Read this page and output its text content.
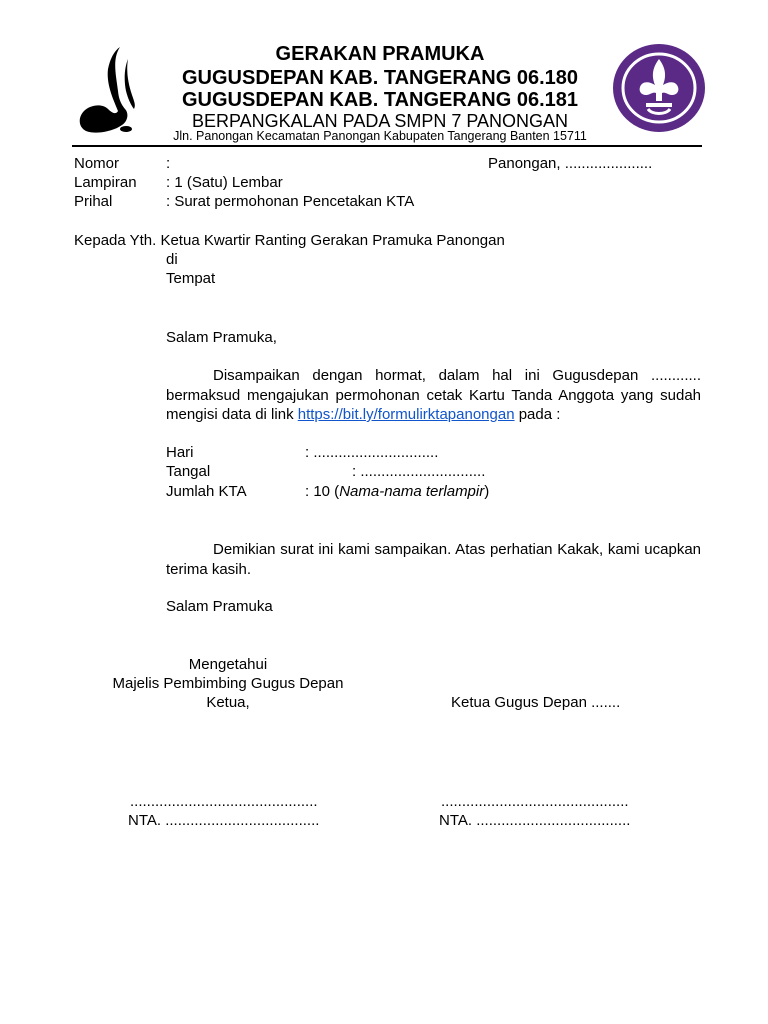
GERAKAN PRAMUKA
GUGUSDEPAN KAB. TANGERANG 06.180
GUGUSDEPAN KAB. TANGERANG 06.181
BERPANGKALAN PADA SMPN 7 PANONGAN
Jln. Panongan Kecamatan Panongan Kabupaten Tangerang Banten 15711
Nomor	:	Panongan, .....................
Lampiran : 1 (Satu) Lembar
Prihal	: Surat permohonan Pencetakan KTA
Kepada Yth. Ketua Kwartir Ranting Gerakan Pramuka Panongan
di
Tempat
Salam Pramuka,
Disampaikan dengan hormat, dalam hal ini Gugusdepan ............ bermaksud mengajukan permohonan cetak Kartu Tanda Anggota yang sudah mengisi data di link https://bit.ly/formulirktapanongan pada :
Hari	: ..............................
Tangal	: ..............................
Jumlah KTA	: 10 (Nama-nama terlampir)
Demikian surat ini kami sampaikan. Atas perhatian Kakak, kami ucapkan terima kasih.
Salam Pramuka
Mengetahui
Majelis Pembimbing Gugus Depan
Ketua,	Ketua Gugus Depan .......
.............................................
NTA. .....................................
.............................................
NTA. .....................................
